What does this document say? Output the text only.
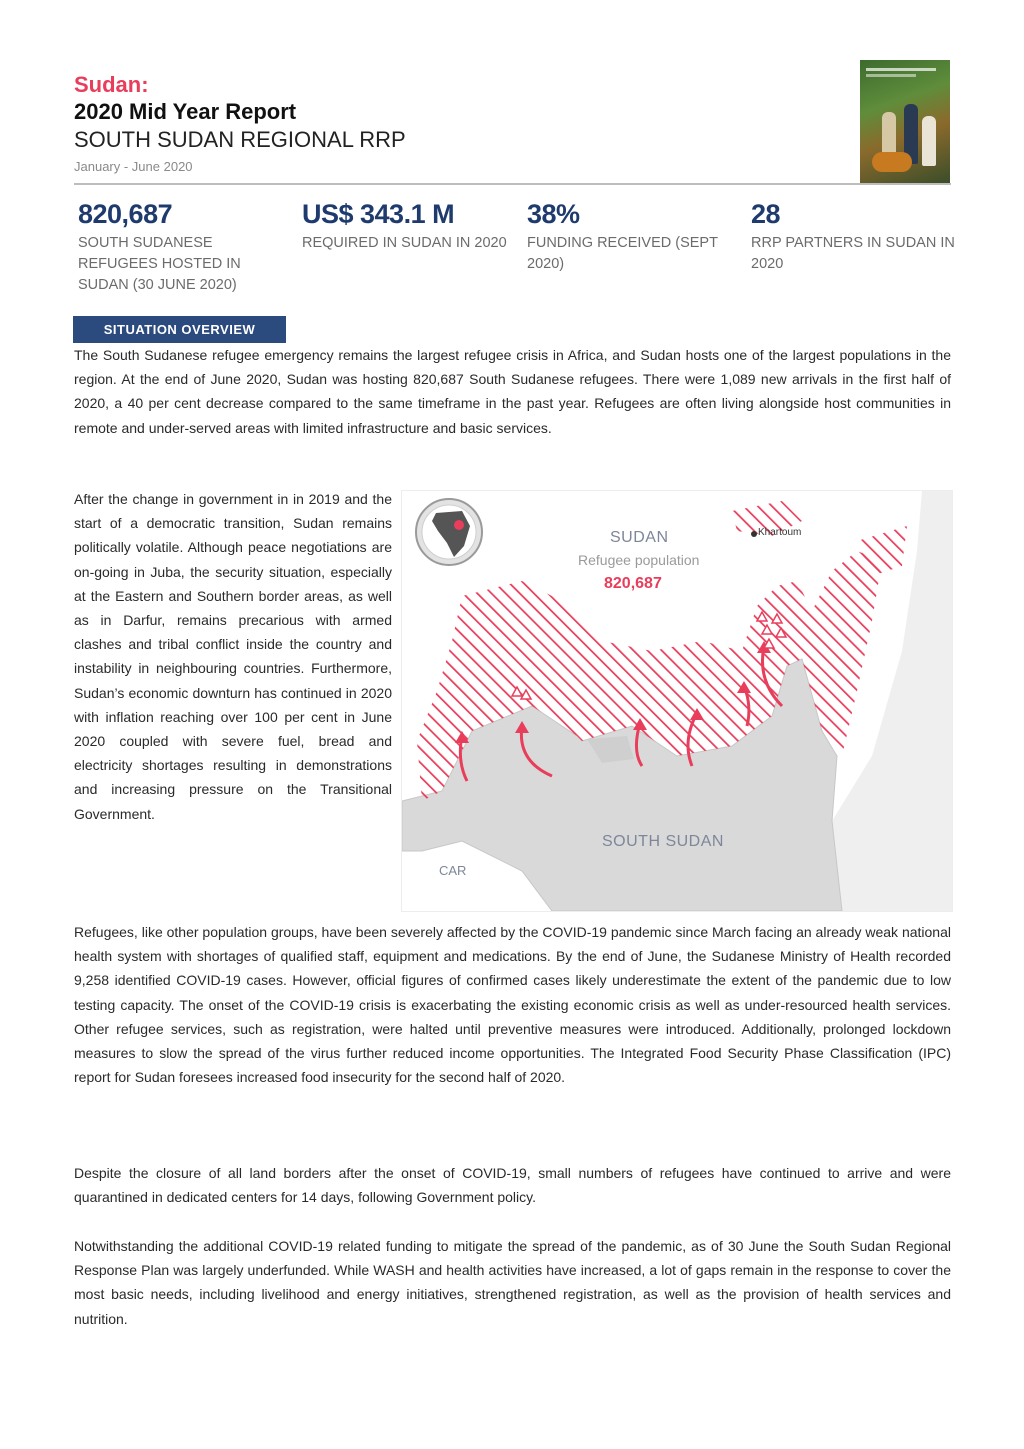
Sudan:
2020 Mid Year Report
SOUTH SUDAN REGIONAL RRP
January - June 2020
820,687
SOUTH SUDANESE REFUGEES HOSTED IN SUDAN (30 JUNE 2020)
US$ 343.1 M
REQUIRED IN SUDAN IN 2020
38%
FUNDING RECEIVED (SEPT 2020)
28
RRP PARTNERS IN SUDAN IN 2020
SITUATION OVERVIEW
The South Sudanese refugee emergency remains the largest refugee crisis in Africa, and Sudan hosts one of the largest populations in the region. At the end of June 2020, Sudan was hosting 820,687 South Sudanese refugees. There were 1,089 new arrivals in the first half of 2020, a 40 per cent decrease compared to the same timeframe in the past year. Refugees are often living alongside host communities in remote and under-served areas with limited infrastructure and basic services.
After the change in government in in 2019 and the start of a democratic transition, Sudan remains politically volatile. Although peace negotiations are on-going in Juba, the security situation, especially at the Eastern and Southern border areas, as well as in Darfur, remains precarious with armed clashes and tribal conflict inside the country and instability in neighbouring countries. Furthermore, Sudan’s economic downturn has continued in 2020 with inflation reaching over 100 per cent in June 2020 coupled with severe fuel, bread and electricity shortages resulting in demonstrations and increasing pressure on the Transitional Government.
SUDAN
Refugee population
820,687
SOUTH SUDAN
CAR
Khartoum
Refugees, like other population groups, have been severely affected by the COVID-19 pandemic since March facing an already weak national health system with shortages of qualified staff, equipment and medications. By the end of June, the Sudanese Ministry of Health recorded 9,258 identified COVID-19 cases. However, official figures of confirmed cases likely underestimate the extent of the pandemic due to low testing capacity. The onset of the COVID-19 crisis is exacerbating the existing economic crisis as well as under-resourced health services. Other refugee services, such as registration, were halted until preventive measures were introduced. Additionally, prolonged lockdown measures to slow the spread of the virus further reduced income opportunities. The Integrated Food Security Phase Classification (IPC) report for Sudan foresees increased food insecurity for the second half of 2020.
Despite the closure of all land borders after the onset of COVID-19, small numbers of refugees have continued to arrive and were quarantined in dedicated centers for 14 days, following Government policy.
Notwithstanding the additional COVID-19 related funding to mitigate the spread of the pandemic, as of 30 June the South Sudan Regional Response Plan was largely underfunded. While WASH and health activities have increased, a lot of gaps remain in the response to cover the most basic needs, including livelihood and energy initiatives, strengthened registration, as well as the provision of health services and nutrition.
